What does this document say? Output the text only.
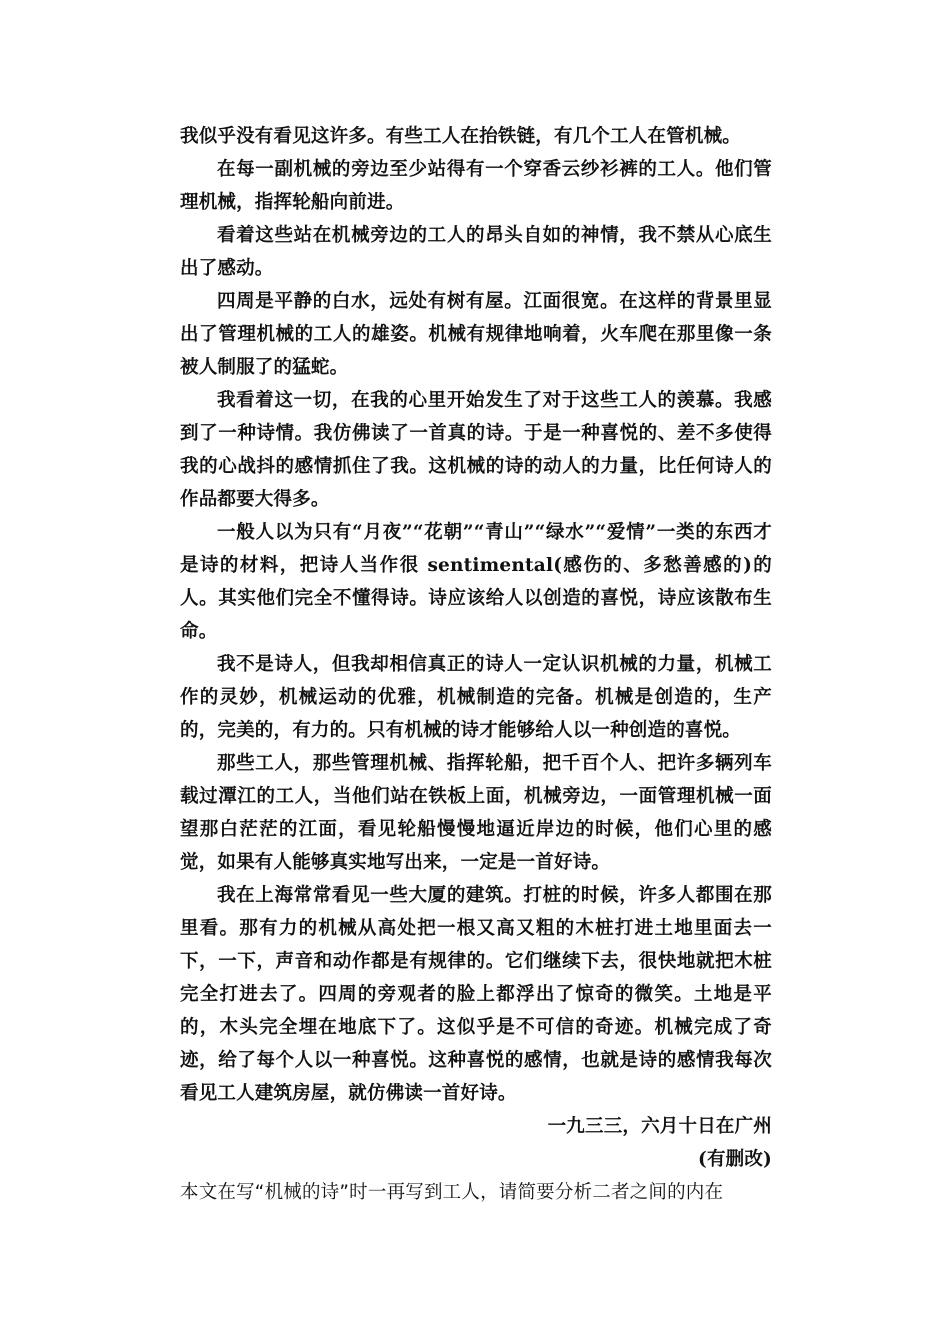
我似乎没有看见这许多。有些工人在抬铁链，有几个工人在管机械。

在每一副机械的旁边至少站得有一个穿香云纱衫裤的工人。他们管理机械，指挥轮船向前进。

看着这些站在机械旁边的工人的昂头自如的神情，我不禁从心底生出了感动。

四周是平静的白水，远处有树有屋。江面很宽。在这样的背景里显出了管理机械的工人的雄姿。机械有规律地响着，火车爬在那里像一条被人制服了的猛蛇。

我看着这一切，在我的心里开始发生了对于这些工人的羡慕。我感到了一种诗情。我仿佛读了一首真的诗。于是一种喜悦的、差不多使得我的心战抖的感情抓住了我。这机械的诗的动人的力量，比任何诗人的作品都要大得多。

一般人以为只有“月夜”“花朝”“青山”“绿水”“爱情”一类的东西才是诗的材料，把诗人当作很 sentimental(感伤的、多愁善感的)的人。其实他们完全不懂得诗。诗应该给人以创造的喜悦，诗应该散布生命。

我不是诗人，但我却相信真正的诗人一定认识机械的力量，机械工作的灵妙，机械运动的优雅，机械制造的完备。机械是创造的，生产的，完美的，有力的。只有机械的诗才能够给人以一种创造的喜悦。

那些工人，那些管理机械、指挥轮船，把千百个人、把许多辆列车载过潭江的工人，当他们站在铁板上面，机械旁边，一面管理机械一面望那白茫茫的江面，看见轮船慢慢地逼近岸边的时候，他们心里的感觉，如果有人能够真实地写出来，一定是一首好诗。

我在上海常常看见一些大厦的建筑。打桩的时候，许多人都围在那里看。那有力的机械从高处把一根又高又粗的木桩打进土地里面去一下，一下，声音和动作都是有规律的。它们继续下去，很快地就把木桩完全打进去了。四周的旁观者的脸上都浮出了惊奇的微笑。土地是平的，木头完全埋在地底下了。这似乎是不可信的奇迹。机械完成了奇迹，给了每个人以一种喜悦。这种喜悦的感情，也就是诗的感情我每次看见工人建筑房屋，就仿佛读一首好诗。

一九三三，六月十日在广州

(有删改)

本文在写“机械的诗”时一再写到工人，请简要分析二者之间的内在
